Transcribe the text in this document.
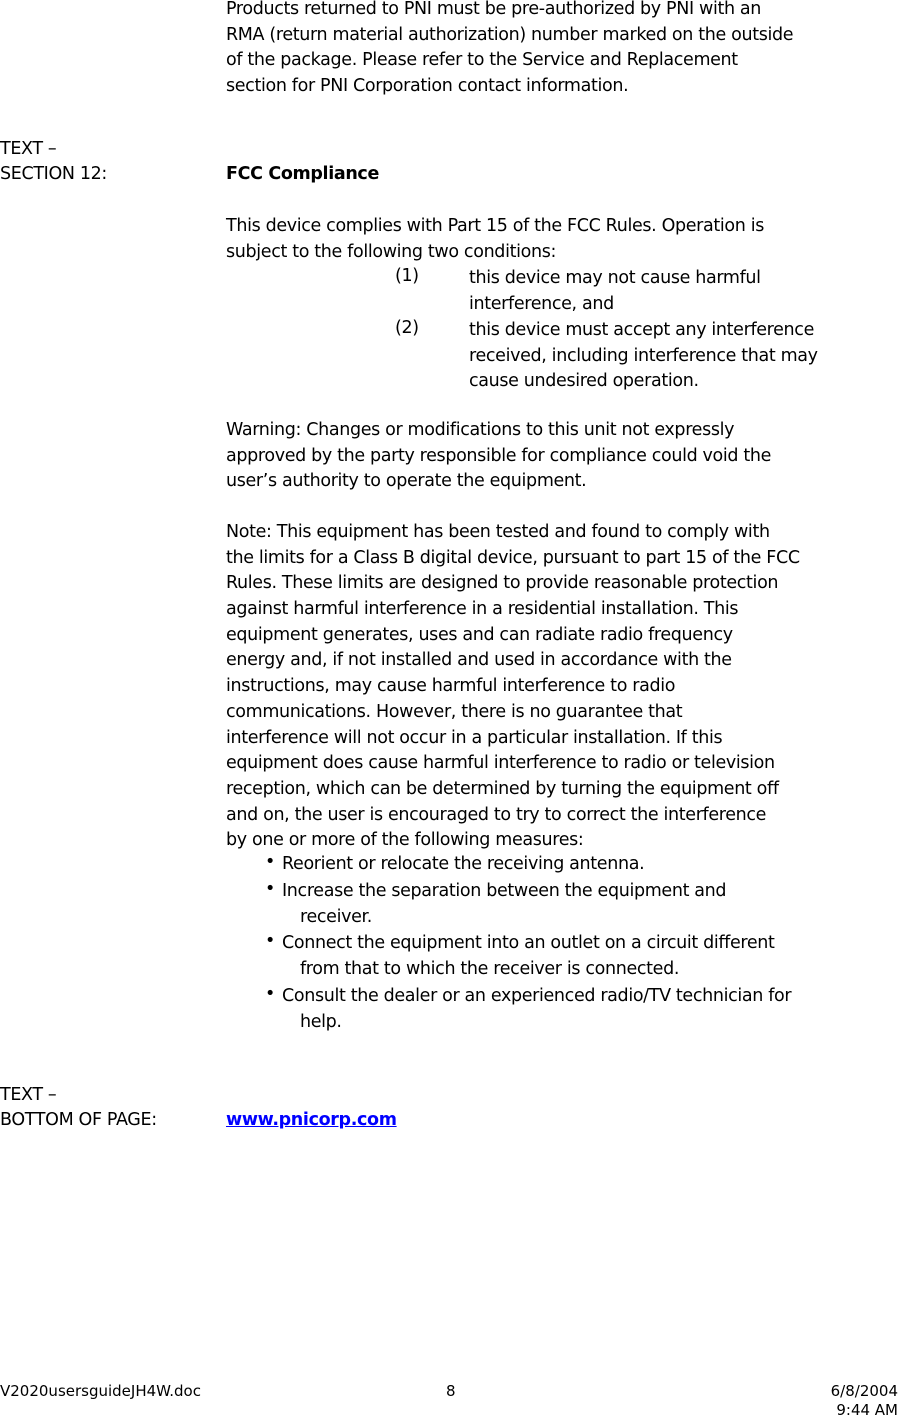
Products returned to PNI must be pre-authorized by PNI with an
RMA (return material authorization) number marked on the outside
of the package. Please refer to the Service and Replacement
section for PNI Corporation contact information.
TEXT –
SECTION 12:	FCC Compliance
This device complies with Part 15 of the FCC Rules. Operation is
subject to the following two conditions:
(1)	this device may not cause harmful
interference, and
(2)	this device must accept any interference
received, including interference that may
cause undesired operation.
Warning: Changes or modifications to this unit not expressly
approved by the party responsible for compliance could void the
user’s authority to operate the equipment.
Note: This equipment has been tested and found to comply with
the limits for a Class B digital device, pursuant to part 15 of the FCC
Rules. These limits are designed to provide reasonable protection
against harmful interference in a residential installation. This
equipment generates, uses and can radiate radio frequency
energy and, if not installed and used in accordance with the
instructions, may cause harmful interference to radio
communications. However, there is no guarantee that
interference will not occur in a particular installation. If this
equipment does cause harmful interference to radio or television
reception, which can be determined by turning the equipment off
and on, the user is encouraged to try to correct the interference
by one or more of the following measures:
• Reorient or relocate the receiving antenna.
• Increase the separation between the equipment and
receiver.
• Connect the equipment into an outlet on a circuit different
from that to which the receiver is connected.
• Consult the dealer or an experienced radio/TV technician for
help.
TEXT –
BOTTOM OF PAGE:	www.pnicorp.com
V2020usersguideJH4W.doc	8	6/8/2004
9:44 AM
